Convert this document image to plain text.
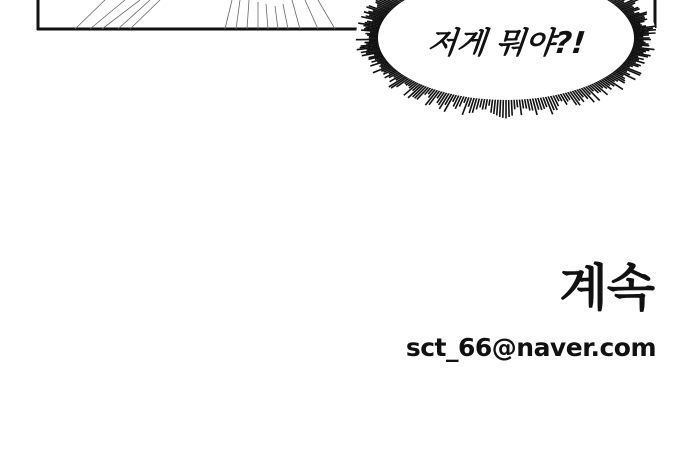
저게 뭐야?!
계속
sct_66@naver.com
